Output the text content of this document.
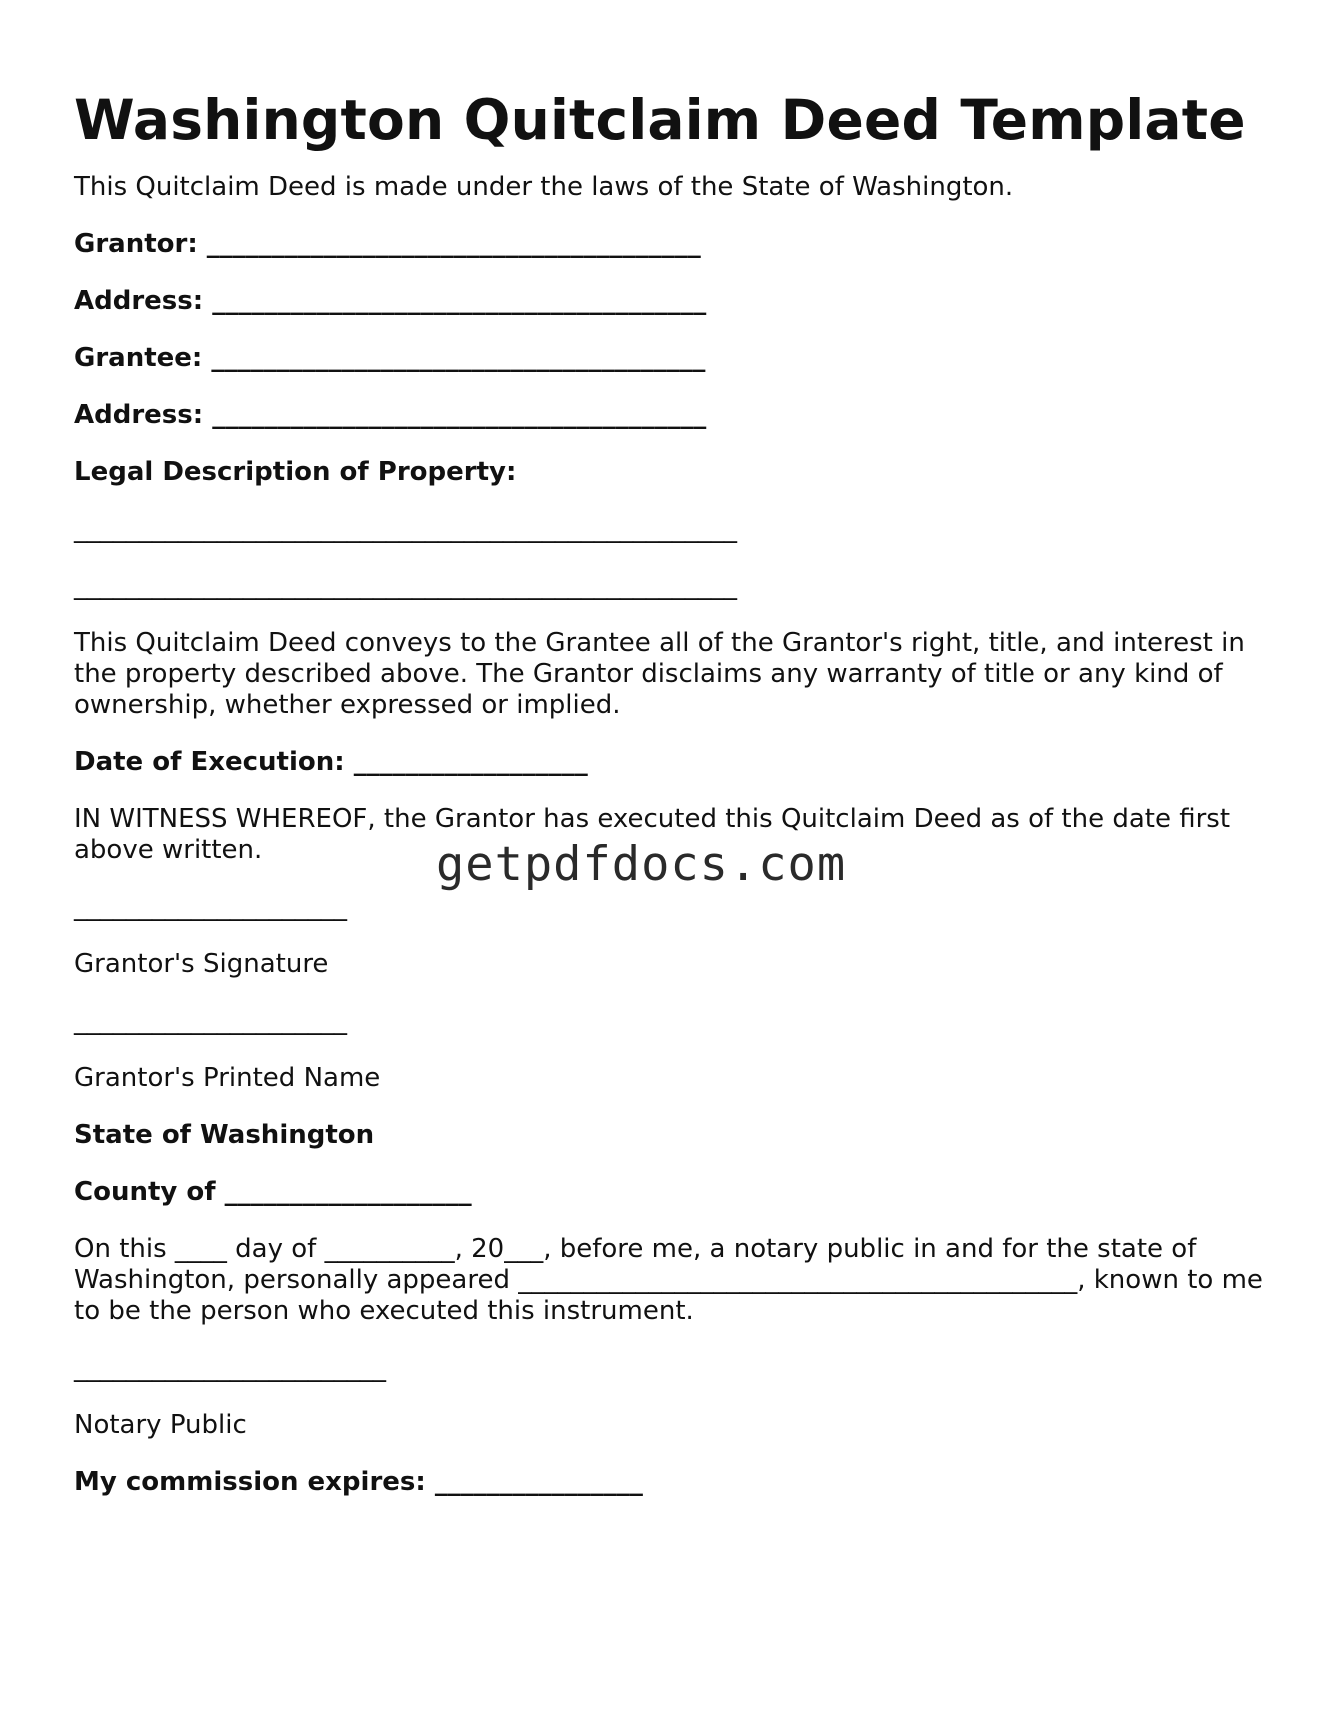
Washington Quitclaim Deed Template

This Quitclaim Deed is made under the laws of the State of Washington.

Grantor: ______________________________________

Address: ______________________________________

Grantee: ______________________________________

Address: ______________________________________

Legal Description of Property:

___________________________________________________

___________________________________________________

This Quitclaim Deed conveys to the Grantee all of the Grantor's right, title, and interest in the property described above. The Grantor disclaims any warranty of title or any kind of ownership, whether expressed or implied.

Date of Execution: __________________

IN WITNESS WHEREOF, the Grantor has executed this Quitclaim Deed as of the date first above written.

_____________________

Grantor's Signature

_____________________

Grantor's Printed Name

State of Washington

County of ___________________

On this ____ day of __________, 20___, before me, a notary public in and for the state of Washington, personally appeared ___________________________________________, known to me to be the person who executed this instrument.

________________________

Notary Public

My commission expires: ________________

getpdfdocs.com
